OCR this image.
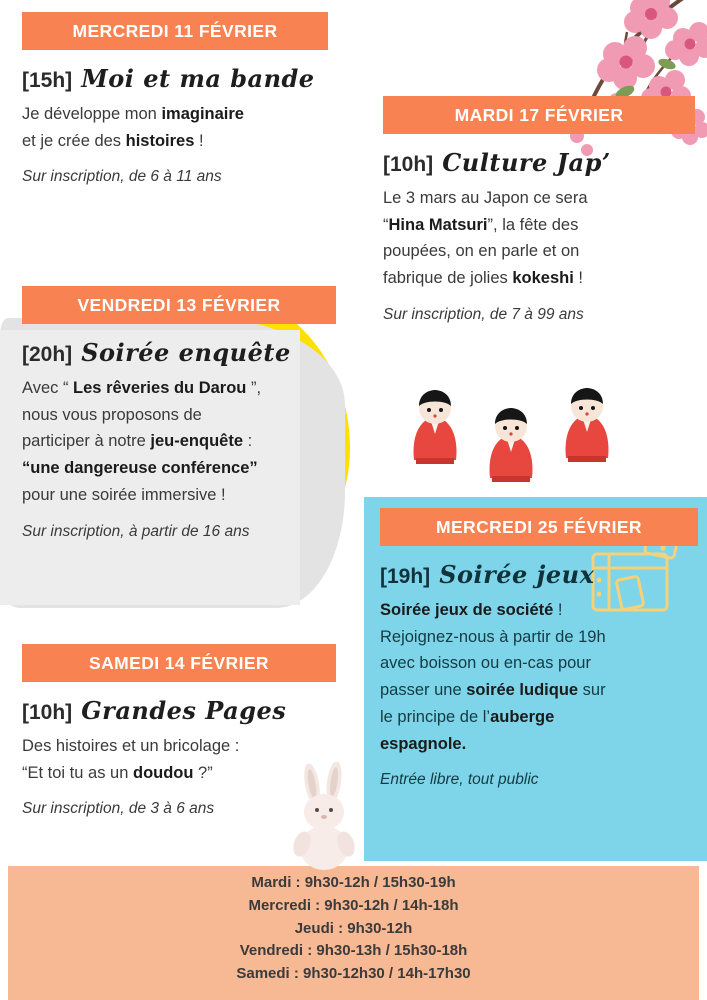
MERCREDI 11 FÉVRIER
[15h] Moi et ma bande
Je développe mon imaginaire
et je crée des histoires !
Sur inscription, de 6 à 11 ans
VENDREDI 13 FÉVRIER
[20h] Soirée enquête
Avec “ Les rêveries du Darou ”,
nous vous proposons de
participer à notre jeu-enquête :
“une dangereuse conférence”
pour une soirée immersive !
Sur inscription, à partir de 16 ans
SAMEDI 14 FÉVRIER
[10h] Grandes Pages
Des histoires et un bricolage :
“Et toi tu as un doudou ?”
Sur inscription, de 3 à 6 ans
MARDI 17 FÉVRIER
[10h] Culture Jap’
Le 3 mars au Japon ce sera
“Hina Matsuri”, la fête des
poupées, on en parle et on
fabrique de jolies kokeshi !
Sur inscription, de 7 à 99 ans
MERCREDI 25 FÉVRIER
[19h] Soirée jeux
Soirée jeux de société !
Rejoignez-nous à partir de 19h
avec boisson ou en-cas pour
passer une soirée ludique sur
le principe de l’auberge
espagnole.
Entrée libre, tout public
Mardi : 9h30-12h / 15h30-19h
Mercredi : 9h30-12h / 14h-18h
Jeudi : 9h30-12h
Vendredi : 9h30-13h / 15h30-18h
Samedi : 9h30-12h30 / 14h-17h30
